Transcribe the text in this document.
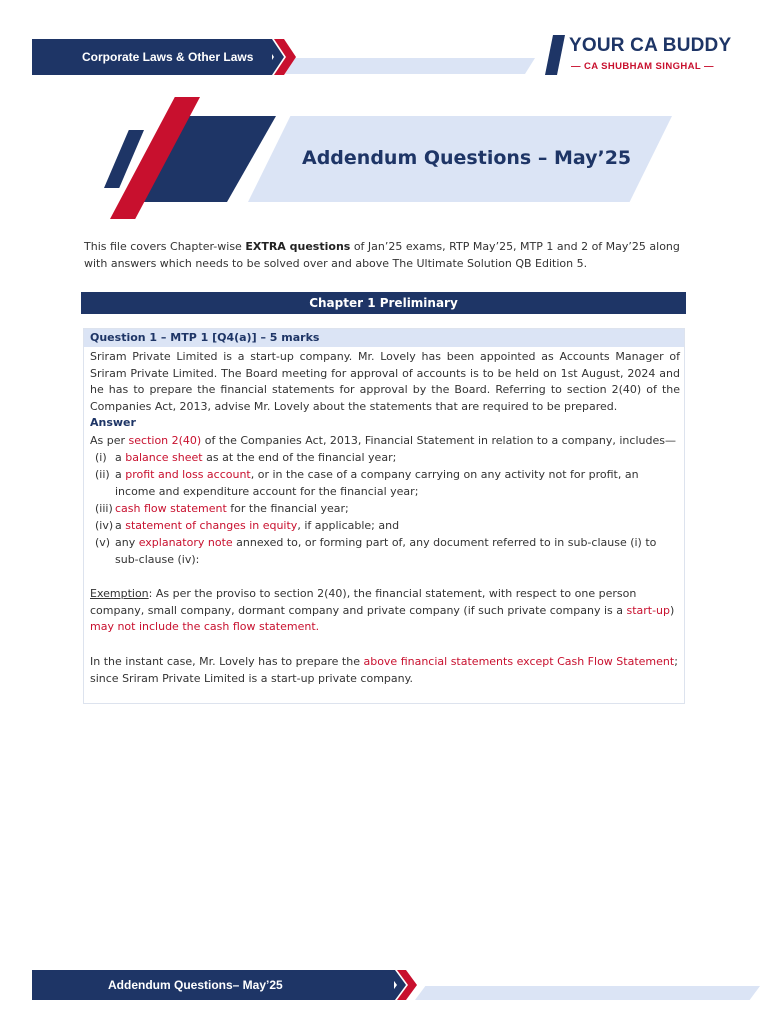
Corporate Laws & Other Laws
YOUR CA BUDDY
— CA SHUBHAM SINGHAL —
Addendum Questions – May’25
This file covers Chapter-wise EXTRA questions of Jan’25 exams, RTP May’25, MTP 1 and 2 of May’25 along with answers which needs to be solved over and above The Ultimate Solution QB Edition 5.
Chapter 1 Preliminary
Question 1 – MTP 1 [Q4(a)] – 5 marks
Sriram Private Limited is a start-up company. Mr. Lovely has been appointed as Accounts Manager of Sriram Private Limited. The Board meeting for approval of accounts is to be held on 1st August, 2024 and he has to prepare the financial statements for approval by the Board. Referring to section 2(40) of the Companies Act, 2013, advise Mr. Lovely about the statements that are required to be prepared.
Answer
As per section 2(40) of the Companies Act, 2013, Financial Statement in relation to a company, includes—
(i) a balance sheet as at the end of the financial year;
(ii) a profit and loss account, or in the case of a company carrying on any activity not for profit, an income and expenditure account for the financial year;
(iii) cash flow statement for the financial year;
(iv) a statement of changes in equity, if applicable; and
(v) any explanatory note annexed to, or forming part of, any document referred to in sub-clause (i) to sub-clause (iv):
Exemption: As per the proviso to section 2(40), the financial statement, with respect to one person company, small company, dormant company and private company (if such private company is a start-up) may not include the cash flow statement.
In the instant case, Mr. Lovely has to prepare the above financial statements except Cash Flow Statement; since Sriram Private Limited is a start-up private company.
Addendum Questions– May’25
